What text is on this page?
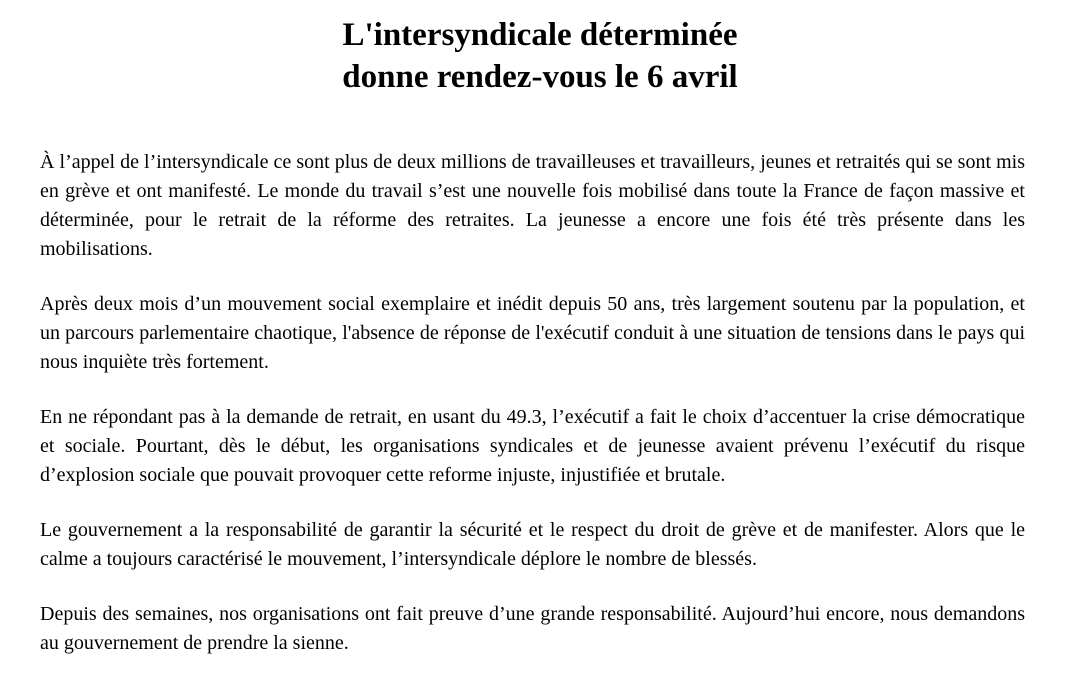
L'intersyndicale déterminée
donne rendez-vous le 6 avril

À l’appel de l’intersyndicale ce sont plus de deux millions de travailleuses et travailleurs, jeunes et retraités qui se sont mis en grève et ont manifesté. Le monde du travail s’est une nouvelle fois mobilisé dans toute la France de façon massive et déterminée, pour le retrait de la réforme des retraites. La jeunesse a encore une fois été très présente dans les mobilisations.

Après deux mois d’un mouvement social exemplaire et inédit depuis 50 ans, très largement soutenu par la population, et un parcours parlementaire chaotique, l'absence de réponse de l'exécutif conduit à une situation de tensions dans le pays qui nous inquiète très fortement.

En ne répondant pas à la demande de retrait, en usant du 49.3, l’exécutif a fait le choix d’accentuer la crise démocratique et sociale. Pourtant, dès le début, les organisations syndicales et de jeunesse avaient prévenu l’exécutif du risque d’explosion sociale que pouvait provoquer cette reforme injuste, injustifiée et brutale.

Le gouvernement a la responsabilité de garantir la sécurité et le respect du droit de grève et de manifester. Alors que le calme a toujours caractérisé le mouvement, l’intersyndicale déplore le nombre de blessés.

Depuis des semaines, nos organisations ont fait preuve d’une grande responsabilité. Aujourd’hui encore, nous demandons au gouvernement de prendre la sienne.
